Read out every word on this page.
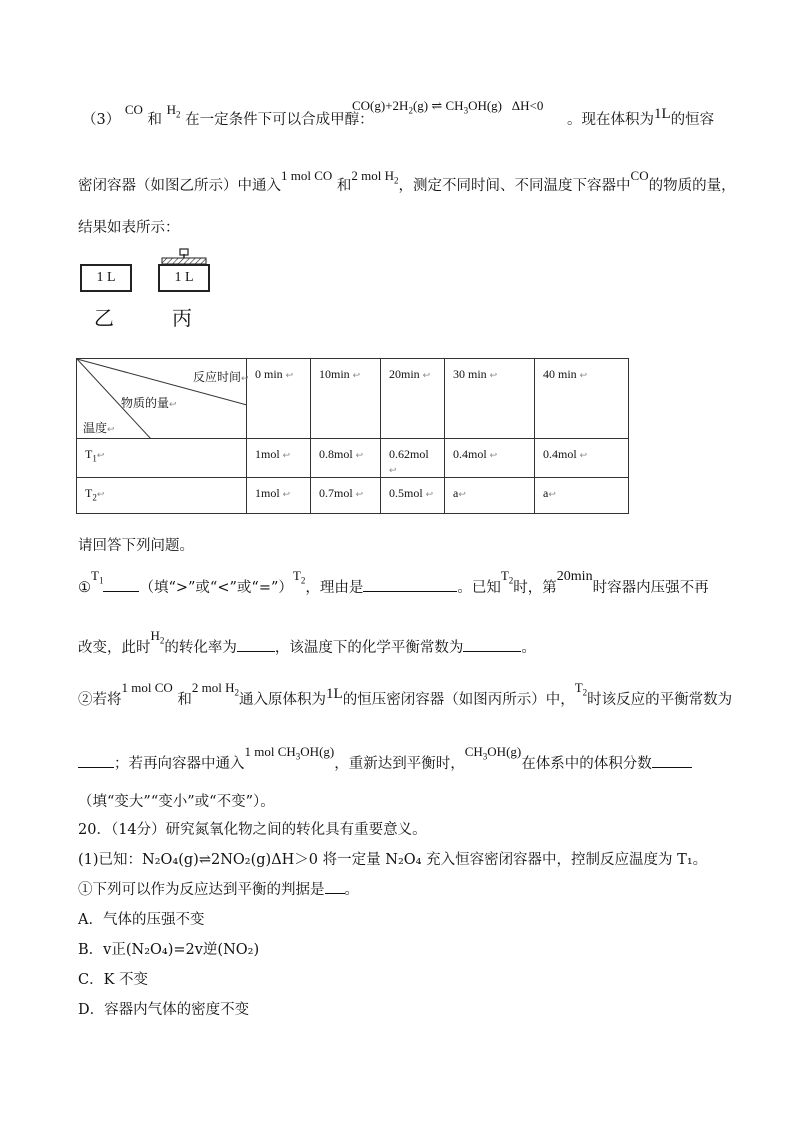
（3） CO 和 $H_2$ 在一定条件下可以合成甲醇：
$CO(g)+2H_2(g)$ ⇌ $CH_3OH(g)$ ΔH<0
。现在体积为1L的恒容
密闭容器（如图乙所示）中通入1 mol CO 和2 mol $H_2$，测定不同时间、不同温度下容器中CO的物质的量，
结果如表所示：
1 L	1 L
乙	丙
反应时间↩
物质的量↩
温度↩	0 min ↩	10min ↩	20min ↩	30 min ↩	40 min ↩
$T_1↩$	1mol ↩	0.8mol ↩	0.62mol ↩	0.4mol ↩	0.4mol ↩
$T_2↩$	1mol ↩	0.7mol ↩	0.5mol ↩	a↩	a↩
请回答下列问题。
$①T_1$ （填“>”或“<”或“$=”)T_2$，理由是	。已知$T_2$时，第20min时容器内压强不再
改变，此时$H_2$的转化率为	，该温度下的化学平衡常数为	。
②若将1 mol CO 和2 mol $H_2$通入原体积为1L的恒压密闭容器（如图丙所示）中，$T_2$时该反应的平衡常数为
；若再向容器中通入1 mol $CH_3OH(g)$，重新达到平衡时，$CH_3OH(g)$在体系中的体积分数
（填“变大”“变小”或“不变”）。
20．（14分）研究氮氧化物之间的转化具有重要意义。
(1)已知：N₂O₄(g)⇌2NO₂(g)ΔH＞0 将一定量 N₂O₄ 充入恒容密闭容器中，控制反应温度为 T₁。
①下列可以作为反应达到平衡的判据是 。
A．气体的压强不变
B．v正(N₂O₄)=2v逆(NO₂)
C．K 不变
D．容器内气体的密度不变
